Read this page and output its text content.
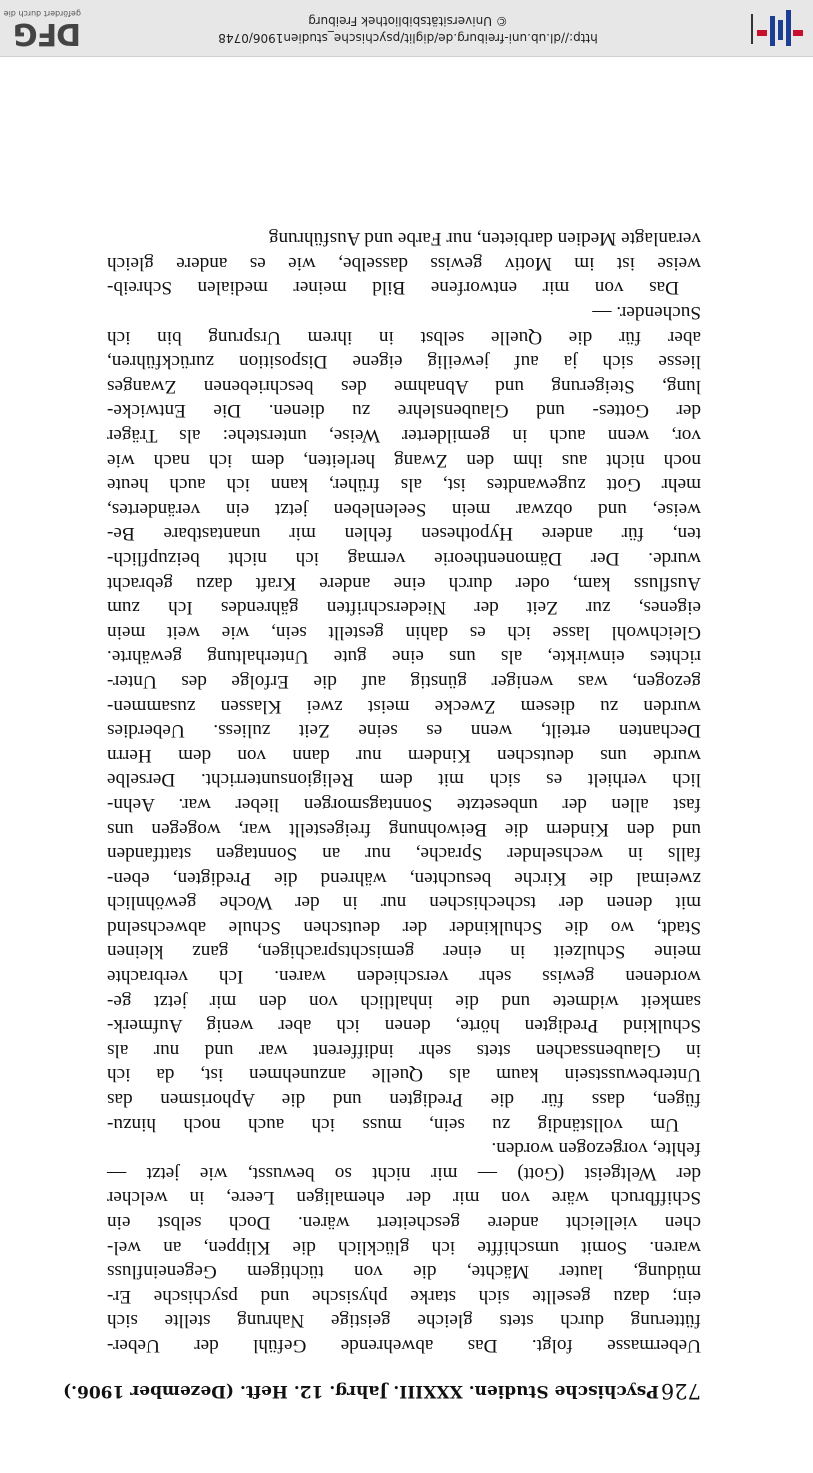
726
Psychische Studien. XXXIII. Jahrg. 12. Heft. (Dezember 1906.)
Uebermasse folgt. Das abwehrende Gefühl der Ueber-
fütterung durch stets gleiche geistige Nahrung stellte sich
ein; dazu gesellte sich starke physische und psychische Er-
müdung, lauter Mächte, die von tüchtigem Gegeneinfluss
waren. Somit umschiffte ich glücklich die Klippen, an wel-
chen vielleicht andere gescheitert wären. Doch selbst ein
Schiffbruch wäre von mir der ehemaligen Leere, in welcher
der Weltgeist (Gott) — mir nicht so bewusst, wie jetzt —
fehlte, vorgezogen worden.
Um vollständig zu sein, muss ich auch noch hinzu-
fügen, dass für die Predigten und die Aphorismen das
Unterbewusstsein kaum als Quelle anzunehmen ist, da ich
in Glaubenssachen stets sehr indifferent war und nur als
Schulkind Predigten hörte, denen ich aber wenig Aufmerk-
samkeit widmete und die inhaltlich von den mir jetzt ge-
wordenen gewiss sehr verschieden waren. Ich verbrachte
meine Schulzeit in einer gemischtsprachigen, ganz kleinen
Stadt, wo die Schulkinder der deutschen Schule abwechselnd
mit denen der tschechischen nur in der Woche gewöhnlich
zweimal die Kirche besuchten, während die Predigten, eben-
falls in wechselnder Sprache, nur an Sonntagen stattfanden
und den Kindern die Beiwohnung freigestellt war, wogegen uns
fast allen der unbesetzte Sonntagsmorgen lieber war. Aehn-
lich verhielt es sich mit dem Religionsunterricht. Derselbe
wurde uns deutschen Kindern nur dann von dem Herrn
Dechanten erteilt, wenn es seine Zeit zuliess. Ueberdies
wurden zu diesem Zwecke meist zwei Klassen zusammen-
gezogen, was weniger günstig auf die Erfolge des Unter-
richtes einwirkte, als uns eine gute Unterhaltung gewährte.
Gleichwohl lasse ich es dahin gestellt sein, wie weit mein
eigenes, zur Zeit der Niederschriften gährendes Ich zum
Ausfluss kam, oder durch eine andere Kraft dazu gebracht
wurde. Der Dämonentheorie vermag ich nicht beizupflich-
ten, für andere Hypothesen fehlen mir unantastbare Be-
weise, und obzwar mein Seelenleben jetzt ein verändertes,
mehr Gott zugewandtes ist, als früher, kann ich auch heute
noch nicht aus ihm den Zwang herleiten, dem ich nach wie
vor, wenn auch in gemilderter Weise, unterstehe: als Träger
der Gottes- und Glaubenslehre zu dienen. Die Entwicke-
lung, Steigerung und Abnahme des beschriebenen Zwanges
liesse sich ja auf jeweilig eigene Disposition zurückführen,
aber für die Quelle selbst in ihrem Ursprung bin ich
Suchender. —
Das von mir entworfene Bild meiner medialen Schreib-
weise ist im Motiv gewiss dasselbe, wie es andere gleich
veranlagte Medien darbieten, nur Farbe und Ausführung
http://dl.ub.uni-freiburg.de/diglit/psychische_studien1906/0748
© Universitätsbibliothek Freiburg
gefördert durch die
DFG
